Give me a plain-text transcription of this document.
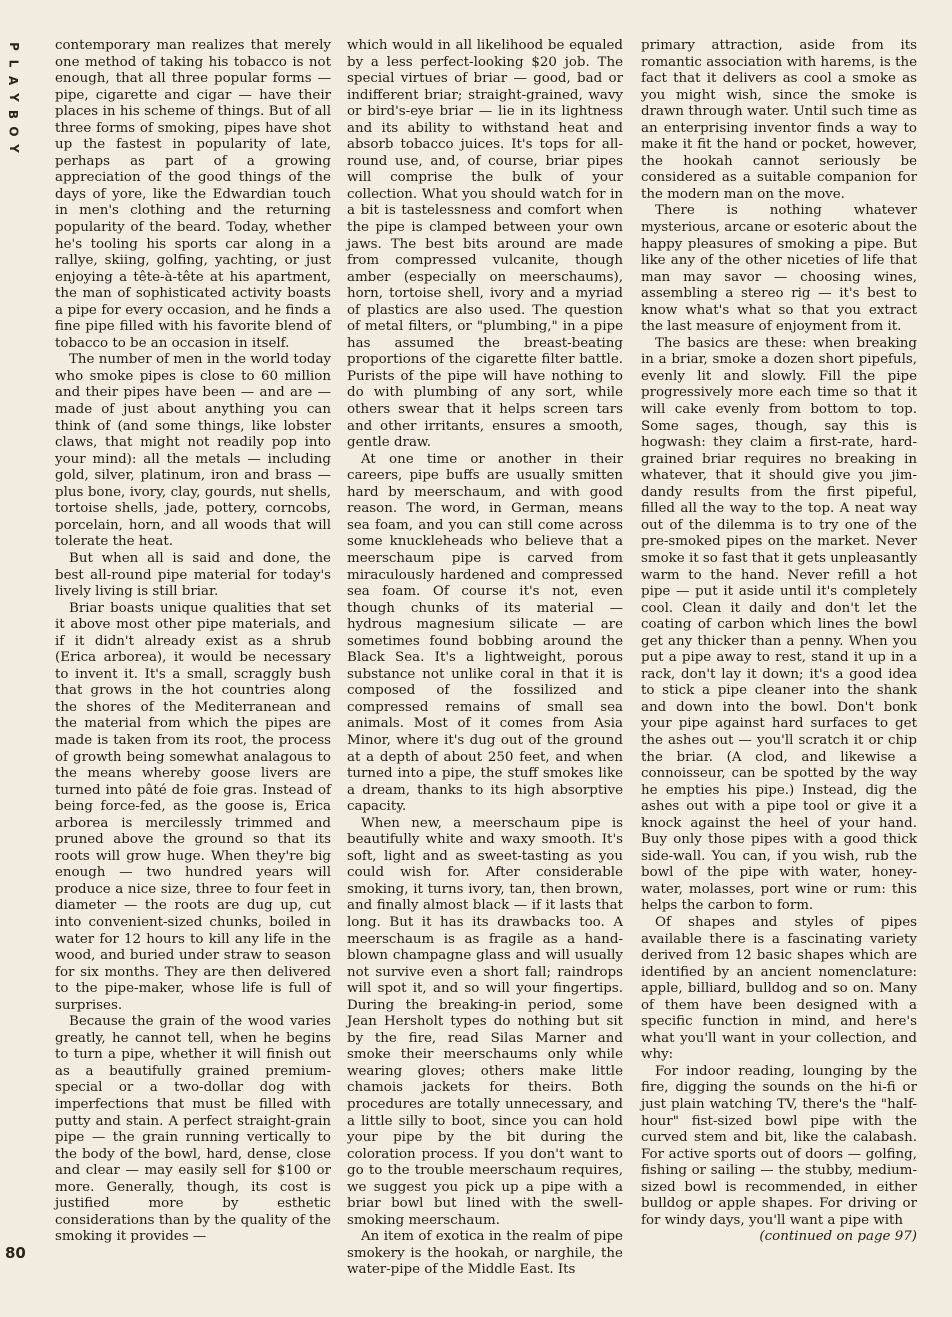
P
L
A
Y
B
O
Y

contemporary man realizes that merely one method of taking his tobacco is not enough, that all three popular forms — pipe, cigarette and cigar — have their places in his scheme of things. But of all three forms of smoking, pipes have shot up the fastest in popularity of late, perhaps as part of a growing appreciation of the good things of the days of yore, like the Edwardian touch in men's clothing and the returning popularity of the beard. Today, whether he's tooling his sports car along in a rallye, skiing, golfing, yachting, or just enjoying a tête-à-tête at his apartment, the man of sophisticated activity boasts a pipe for every occasion, and he finds a fine pipe filled with his favorite blend of tobacco to be an occasion in itself.

The number of men in the world today who smoke pipes is close to 60 million and their pipes have been — and are — made of just about anything you can think of (and some things, like lobster claws, that might not readily pop into your mind): all the metals — including gold, silver, platinum, iron and brass — plus bone, ivory, clay, gourds, nut shells, tortoise shells, jade, pottery, corncobs, porcelain, horn, and all woods that will tolerate the heat.

But when all is said and done, the best all-round pipe material for today's lively living is still briar.

Briar boasts unique qualities that set it above most other pipe materials, and if it didn't already exist as a shrub (Erica arborea), it would be necessary to invent it. It's a small, scraggly bush that grows in the hot countries along the shores of the Mediterranean and the material from which the pipes are made is taken from its root, the process of growth being somewhat analagous to the means whereby goose livers are turned into pâté de foie gras. Instead of being force-fed, as the goose is, Erica arborea is mercilessly trimmed and pruned above the ground so that its roots will grow huge. When they're big enough — two hundred years will produce a nice size, three to four feet in diameter — the roots are dug up, cut into convenient-sized chunks, boiled in water for 12 hours to kill any life in the wood, and buried under straw to season for six months. They are then delivered to the pipe-maker, whose life is full of surprises.

Because the grain of the wood varies greatly, he cannot tell, when he begins to turn a pipe, whether it will finish out as a beautifully grained premium-special or a two-dollar dog with imperfections that must be filled with putty and stain. A perfect straight-grain pipe — the grain running vertically to the body of the bowl, hard, dense, close and clear — may easily sell for $100 or more. Generally, though, its cost is justified more by esthetic considerations than by the quality of the smoking it provides —

which would in all likelihood be equaled by a less perfect-looking $20 job. The special virtues of briar — good, bad or indifferent briar; straight-grained, wavy or bird's-eye briar — lie in its lightness and its ability to withstand heat and absorb tobacco juices. It's tops for all-round use, and, of course, briar pipes will comprise the bulk of your collection. What you should watch for in a bit is tastelessness and comfort when the pipe is clamped between your own jaws. The best bits around are made from compressed vulcanite, though amber (especially on meerschaums), horn, tortoise shell, ivory and a myriad of plastics are also used. The question of metal filters, or "plumbing," in a pipe has assumed the breast-beating proportions of the cigarette filter battle. Purists of the pipe will have nothing to do with plumbing of any sort, while others swear that it helps screen tars and other irritants, ensures a smooth, gentle draw.

At one time or another in their careers, pipe buffs are usually smitten hard by meerschaum, and with good reason. The word, in German, means sea foam, and you can still come across some knuckleheads who believe that a meerschaum pipe is carved from miraculously hardened and compressed sea foam. Of course it's not, even though chunks of its material — hydrous magnesium silicate — are sometimes found bobbing around the Black Sea. It's a lightweight, porous substance not unlike coral in that it is composed of the fossilized and compressed remains of small sea animals. Most of it comes from Asia Minor, where it's dug out of the ground at a depth of about 250 feet, and when turned into a pipe, the stuff smokes like a dream, thanks to its high absorptive capacity.

When new, a meerschaum pipe is beautifully white and waxy smooth. It's soft, light and as sweet-tasting as you could wish for. After considerable smoking, it turns ivory, tan, then brown, and finally almost black — if it lasts that long. But it has its drawbacks too. A meerschaum is as fragile as a hand-blown champagne glass and will usually not survive even a short fall; raindrops will spot it, and so will your fingertips. During the breaking-in period, some Jean Hersholt types do nothing but sit by the fire, read Silas Marner and smoke their meerschaums only while wearing gloves; others make little chamois jackets for theirs. Both procedures are totally unnecessary, and a little silly to boot, since you can hold your pipe by the bit during the coloration process. If you don't want to go to the trouble meerschaum requires, we suggest you pick up a pipe with a briar bowl but lined with the swell-smoking meerschaum.

An item of exotica in the realm of pipe smokery is the hookah, or narghile, the water-pipe of the Middle East. Its

primary attraction, aside from its romantic association with harems, is the fact that it delivers as cool a smoke as you might wish, since the smoke is drawn through water. Until such time as an enterprising inventor finds a way to make it fit the hand or pocket, however, the hookah cannot seriously be considered as a suitable companion for the modern man on the move.

There is nothing whatever mysterious, arcane or esoteric about the happy pleasures of smoking a pipe. But like any of the other niceties of life that man may savor — choosing wines, assembling a stereo rig — it's best to know what's what so that you extract the last measure of enjoyment from it.

The basics are these: when breaking in a briar, smoke a dozen short pipefuls, evenly lit and slowly. Fill the pipe progressively more each time so that it will cake evenly from bottom to top. Some sages, though, say this is hogwash: they claim a first-rate, hard-grained briar requires no breaking in whatever, that it should give you jim-dandy results from the first pipeful, filled all the way to the top. A neat way out of the dilemma is to try one of the pre-smoked pipes on the market. Never smoke it so fast that it gets unpleasantly warm to the hand. Never refill a hot pipe — put it aside until it's completely cool. Clean it daily and don't let the coating of carbon which lines the bowl get any thicker than a penny. When you put a pipe away to rest, stand it up in a rack, don't lay it down; it's a good idea to stick a pipe cleaner into the shank and down into the bowl. Don't bonk your pipe against hard surfaces to get the ashes out — you'll scratch it or chip the briar. (A clod, and likewise a connoisseur, can be spotted by the way he empties his pipe.) Instead, dig the ashes out with a pipe tool or give it a knock against the heel of your hand. Buy only those pipes with a good thick side-wall. You can, if you wish, rub the bowl of the pipe with water, honey-water, molasses, port wine or rum: this helps the carbon to form.

Of shapes and styles of pipes available there is a fascinating variety derived from 12 basic shapes which are identified by an ancient nomenclature: apple, billiard, bulldog and so on. Many of them have been designed with a specific function in mind, and here's what you'll want in your collection, and why:

For indoor reading, lounging by the fire, digging the sounds on the hi-fi or just plain watching TV, there's the "half-hour" fist-sized bowl pipe with the curved stem and bit, like the calabash. For active sports out of doors — golfing, fishing or sailing — the stubby, medium-sized bowl is recommended, in either bulldog or apple shapes. For driving or for windy days, you'll want a pipe with

(continued on page 97)

80
